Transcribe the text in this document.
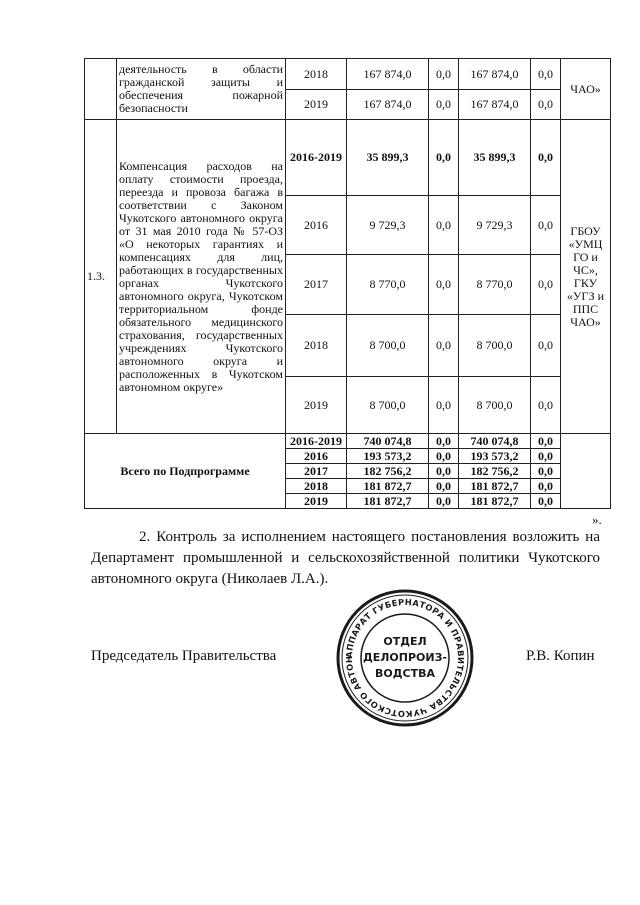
	деятельность в области гражданской защиты и обеспечения пожарной безопасности	2018	167 874,0	0,0	167 874,0	0,0	ЧАО»
		2019	167 874,0	0,0	167 874,0	0,0	
1.3.	Компенсация расходов на оплату стоимости проезда, переезда и провоза багажа в соответствии с Законом Чукотского автономного округа от 31 мая 2010 года № 57-ОЗ «О некоторых гарантиях и компенсациях для лиц, работающих в государственных органах Чукотского автономного округа, Чукотском территориальном фонде обязательного медицинского страхования, государственных учреждениях Чукотского автономного округа и расположенных в Чукотском автономном округе»	2016-2019	35 899,3	0,0	35 899,3	0,0	ГБОУ «УМЦ ГО и ЧС», ГКУ «УГЗ и ППС ЧАО»
		2016	9 729,3	0,0	9 729,3	0,0	
		2017	8 770,0	0,0	8 770,0	0,0	
		2018	8 700,0	0,0	8 700,0	0,0	
		2019	8 700,0	0,0	8 700,0	0,0	
Всего по Подпрограмме		2016-2019	740 074,8	0,0	740 074,8	0,0	
		2016	193 573,2	0,0	193 573,2	0,0	
		2017	182 756,2	0,0	182 756,2	0,0	
		2018	181 872,7	0,0	181 872,7	0,0	
		2019	181 872,7	0,0	181 872,7	0,0	
».

2. Контроль за исполнением настоящего постановления возложить на Департамент промышленной и сельскохозяйственной политики Чукотского автономного округа (Николаев Л.А.).

Председатель Правительства	Р.В. Копин
АППАРАТ ГУБЕРНАТОРА И ПРАВИТЕЛЬСТВА ЧУКОТСКОГО АВТОН
ОТДЕЛ
ДЕЛОПРОИЗ-
ВОДСТВА
